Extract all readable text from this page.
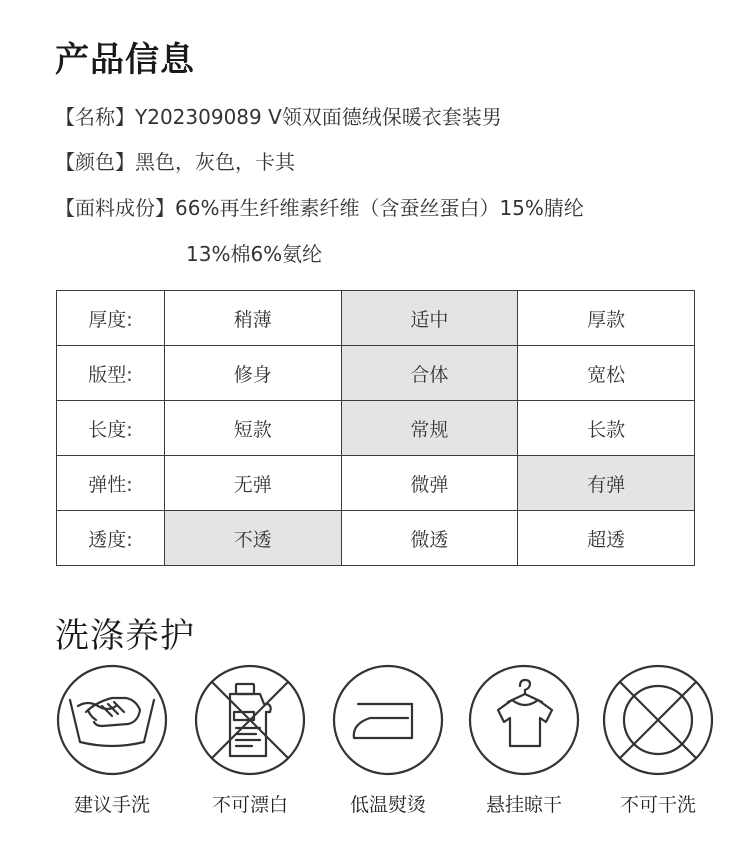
产品信息
【名称】Y202309089 V领双面德绒保暖衣套装男
【颜色】黑色，灰色，卡其
【面料成份】66%再生纤维素纤维（含蚕丝蛋白）15%腈纶
13%棉6%氨纶
厚度:	稍薄	适中	厚款
版型:	修身	合体	宽松
长度:	短款	常规	长款
弹性:	无弹	微弹	有弹
透度:	不透	微透	超透
洗涤养护
建议手洗	不可漂白	低温熨烫	悬挂晾干	不可干洗
